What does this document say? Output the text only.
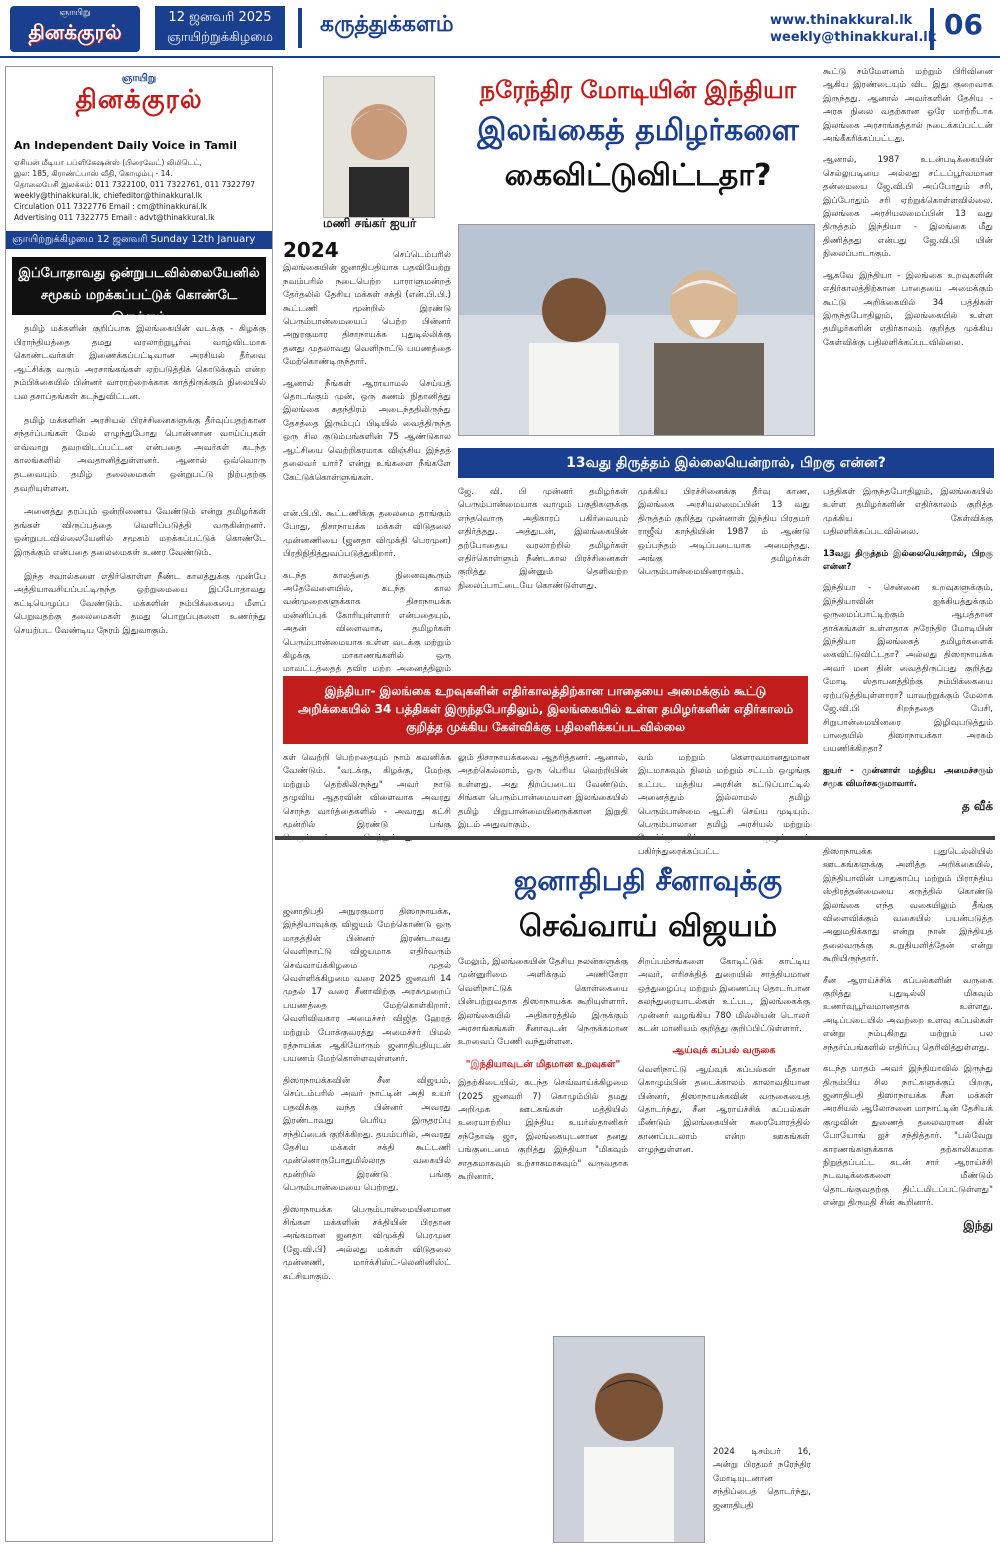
ஞாயிறு
தினக்குரல்
12 ஜனவரி 2025
ஞாயிற்றுக்கிழமை
கருத்துக்களம்	www.thinakkural.lk
weekly@thinakkural.lk 06
ஞாயிறு
தினக்குரல்
An Independent Daily Voice in Tamil
ஏசியன் மீடியா பப்ளிகேஷன்ஸ் (பிரைவேட்) லிமிடெட்,
இல: 185, கிராண்ட்பாஸ் வீதி, கொழும்பு - 14.
தொலைபேசி இலக்கம்: 011 7322100, 011 7322761, 011 7322797
weekly@thinakkural.lk, chiefeditor@thinakkural.lk
Circulation 011 7322776 Email : cm@thinakkural.lk
Advertising 011 7322775 Email : advt@thinakkural.lk
ஞாயிற்றுக்கிழமை 12 ஜனவரி Sunday 12th January
இப்போதாவது ஒன்றுபடவில்லையேனில் சமூகம் மறக்கப்பட்டுக் கொண்டே இருக்கும்

தமிழ் மக்களின் குறிப்பாக இலங்கையின் வடக்கு - கிழக்கு பிராந்தியத்தை தமது வரலாற்றுபூர்வ வாழ்விடமாக கொண்டவர்கள் இணைக்கப்பட்டிவான அரசியல் தீர்வை ஆட்சிக்கு வரும் அரசாங்கங்கள் ஏற்படுத்திக் கொடுக்கும் என்ற நம்பிக்கையில் பின்னர் வாராற்றைக்காக காத்திருக்கும் நிலையில் பல தசாப்தங்கள் கடந்துவிட்டன.

தமிழ் மக்களின் அரசியல் பிரச்சினைகளுக்கு தீர்வுப்பதற்கான சந்தர்ப்பங்கள் மேல் எழுந்துபோது பொன்னான வாய்ப்புகள் எவ்வாறு தவறவிடப்பட்டன என்பதை அவர்கள் கடந்த காலங்களில் அவதானித்துள்ளனர். ஆனால் ஒவ்வொரு தடவையும் தமிழ் தலைமைகள் ஒன்றுபட்டு நிற்பதற்கு தவறியுள்ளன.

அனைத்து தரப்பும் ஒன்றிணைய வேண்டும் என்று தமிழர்கள் தங்கள் விருப்பத்தை வெளிப்படுத்தி வருகின்றனர். ஒன்றுபடவில்லையேனில் சமூகம் மறக்கப்பட்டுக் கொண்டே இருக்கும் என்பதை தலைமைகள் உணர வேண்டும்.

இந்த சவால்களை எதிர்கொள்ள நீண்ட காலத்துக்கு முன்பே அத்தியாவசியப்பட்டிருந்த ஒற்றுமையை இப்போதாவது கட்டியெழுப்ப வேண்டும். மக்களின் நம்பிக்கையை மீளப் பெறுவதற்கு தலைமைகள் தமது பொறுப்புகளை உணர்ந்து செயற்பட வேண்டிய நேரம் இதுவாகும்.

மணி சங்கர் ஐயர்
நரேந்திர மோடியின் இந்தியா
இலங்கைத் தமிழர்களை
கைவிட்டுவிட்டதா?

2024	செப்டெம்பரில் இலங்கையின் ஜனாதிபதியாக பதவியேற்று நவம்பரில் நடைபெற்ற பாராளுமன்றத் தேர்தலில் தேசிய மக்கள் சக்தி (என்.பி.பி.) கூட்டணி மூன்றில் இரண்டு பெரும்பான்மையைப் பெற்ற பின்னர் அநுரகுமார திசாநாயக்க புதுடில்லிக்கு தனது முதலாவது வெளிநாட்டு பயணத்தை மேற்கொண்டிருந்தார்.

ஆனால் நீங்கள் ஆராயாமல் செய்யத் தொடங்கும் முன், ஒரு கணம் நிதானித்து இலங்கை சுதந்திரம் அடைந்ததிலிருந்து தேசத்தை இரும்புப் பிடியில் வைத்திருந்த ஒரு சில குடும்பங்களின் 75 ஆண்டுகால ஆட்சியை வெற்றிகரமாக விஞ்சிய இந்தத் தலைவர் யார்? என்று உங்களை நீங்களே கேட்டுக்கொள்ளுங்கள்.

என்.பி.பி. கூட்டணிக்கு தலைமை தாங்கும் போது, திசாநாயக்க மக்கள் விடுதலை முன்னணியை (ஜனதா விமுக்தி பெரமுன) பிரதிநிதித்துவப்படுத்துகிறார்.

கடந்த காலத்தை நினைவுகூரும் அதேவேளையில், கடந்த கால வன்முறைகளுக்காக திசாநாயக்க மன்னிப்புக் கோரியுள்ளார் என்பதையும், அதன் விளைவாக, தமிழர்கள் பெரும்பான்மையாக உள்ள வடக்கு மற்றும் கிழக்கு மாகாணங்களில் ஒரு மாவட்டத்தைத் தவிர மற்ற அனைத்திலும்

13வது திருத்தம் இல்லையென்றால், பிறகு என்ன?

ஜே. வி. பி முன்னர் தமிழர்கள் பெரும்பான்மையாக வாழும் பகுதிகளுக்கு எந்தவொரு அதிகாரப் பகிர்வையும் எதிர்த்தது. அத்துடன், இலங்கையின் தற்போதைய வரலாற்றில் தமிழர்கள் எதிர்கொள்ளும் நீண்டகால பிரச்சினைகள் குறித்து இன்னும் தெளிவற்ற நிலைப்பாட்டையே கொண்டுள்ளது.

முக்கிய பிரச்சினைக்கு தீர்வு காண, இலங்கை அரசியலமைப்பின் 13 வது திருத்தம் குறித்து முன்னாள் இந்திய பிரதமர் ராஜீவ் காந்தியின் 1987 ம் ஆண்டு ஒப்பந்தம் அடிப்படையாக அமைந்தது. அங்கு தமிழர்கள் பெரும்பான்மையினராகும்.

கூட்டு சம்மேளனம் மற்றும் பிரிவினை ஆகிய இரண்டையும் விட இது குறைவாக இருந்தது. ஆனால் அவர்களின் தேசிய - அரசு நிலை வதற்கான ஒரே மாற்றீடாக இலங்கை அரசாங்கத்தால் நடைக்கப்பட்டன் அங்கீகரிக்கப்பட்டது.

ஆனால், 1987 உடன்படிக்கையின் செல்லுபடியை அல்லது சட்டப்பூர்வமான தன்மையை ஜே.வி.பி அப்போதும் சரி, இப்போதும் சரி ஏற்றுக்கொள்ளவில்லை. இலங்கை அரசியலமைப்பின் 13 வது திருத்தம் இந்தியா - இலங்கை மீது திணித்தது என்பது ஜே.வி.பி யின் நிலைப்பாடாகும்.

ஆகவே இந்தியா - இலங்கை உறவுகளின் எதிர்காலத்திற்கான பாதையை அமைக்கும் கூட்டு அறிக்கையில் 34 பத்திகள் இருந்தபோதிலும், இலங்கையில் உள்ள தமிழர்களின் எதிர்காலம் குறித்த முக்கிய கேள்விக்கு பதிலளிக்கப்படவில்லை.

பத்திகள் இருந்தபோதிலும், இலங்கையில் உள்ள தமிழர்களின் எதிர்காலம் குறித்த முக்கிய கேள்விக்கு பதிலளிக்கப்படவில்லை.

13வது திருத்தம் இல்லையென்றால், பிறகு என்ன?

இந்தியா - சென்னை உறவுகளுக்கும், இந்தியாவின் ஐக்கியத்துக்கும் ஒருமைப்பாட்டிற்கும் ஆபத்தான தாக்கங்கள் உள்ளதாக நரேந்திர மோடியின் இந்தியா இலங்கைத் தமிழர்களைக் கைவிட்டுவிட்டதா? அல்லது திஸாநாயக்க அவர் மன தின் வைத்திருப்பது குறித்து மோடி ஸ்தாபனத்திற்கு நம்பிக்கையை ஏற்படுத்தியுள்ளாரா? யாவற்றுக்கும் மேலாக ஜே.வி.பி சிறந்ததை பேசி, சிறுபான்மையினரை இழிவுபடுத்தும் பாதையில் திஸாநாயக்கா அரசும் பயணிக்கிறதா?

ஐயர் - முன்னாள் மத்திய அமைச்சரும் சமூக விமர்சகருமாவார்.

த வீக்

இந்தியா- இலங்கை உறவுகளின் எதிர்காலத்திற்கான பாதையை அமைக்கும் கூட்டு அறிக்கையில் 34 பத்திகள் இருந்தபோதிலும், இலங்கையில் உள்ள தமிழர்களின் எதிர்காலம் குறித்த முக்கிய கேள்விக்கு பதிலளிக்கப்படவில்லை

கள் வெற்றி பெற்றதையும் நாம் கவனிக்க வேண்டும். "வடக்கு, கிழக்கு, மேற்கு மற்றும் தெற்கிலிருந்து" அவர் நாடு தழுவிய ஆதரவின் விளைவாக அவரது சொந்த வார்த்தைகளில் - அவரது கட்சி மூன்றில் இரண்டு பங்கு

லும் திசாநாயக்கவை ஆதரித்தனர். ஆனால், அதற்கெல்லாம், ஒரு பெரிய வெற்றியின் உள்ளது. அது திறப்படைய வேண்டும். சிங்கள பெரும்பான்மையான இலங்கையில் தமிழ் பிறுபான்மையினருக்கான இறுதி இடம் அதுவாகும்.

வம் மற்றும் கௌரவமானதுமான இடமாகவும் நிலம் மற்றும் சட்டம் ஒழுங்கு உட்பட மத்திய அரசின் கட்டுப்பாட்டில் அனைத்தும் இல்லாமல் தமிழ் பெரும்பான்மை ஆட்சி செய்ய முடியும். பெரும்பாலான தமிழ் அரசியல் மற்றும் பகிர்ந்துரைக்கப்பட்ட

ஜனாதிபதி சீனாவுக்கு
செவ்வாய் விஜயம்

ஜனாதிபதி அநுரகுமார திஸாநாயக்க, இந்தியாவுக்கு விஜயம் மேற்கொண்டு ஒரு மாதத்தின் பின்னர் இரண்டாவது வெளிநாட்டு விஜயமாக எதிர்வரும் செவ்வாய்க்கிழமை முதல் வெள்ளிக்கிழமை வரை 2025 ஜனவரி 14 முதல் 17 வரை சீனாவிற்கு அரசுமுறைப் பயணத்தை மேற்கொள்கிறார். வெளிவிவகார அமைச்சர் விஜித ஹேரத் மற்றும் போக்குவரத்து அமைச்சர் பிமல் ரத்நாயக்க ஆகியோரும் ஜனாதிபதியுடன் பயணம் மேற்கொள்ளவுள்ளனர்.

திஸாநாயக்கவின் சீன விஜயம், செப்டம்பரில் அவர் நாட்டின் அதி உயர் பதவிக்கு வந்த பின்னர் அவரது இரண்டாவது பெரிய இருதரப்பு சந்திப்பைக் குறிக்கிறது. தயம்பரில், அவரது தேசிய மக்கள் சக்தி கூட்டணி முன்னொருபோதுமில்லாத வகையில் மூன்றில் இரண்டு பங்கு பெரும்பான்மையை பெற்றது.

திஸாநாயக்க பெரும்பான்மையினமான சிங்கள மக்களின் சக்தியின் பிரதான அங்கமான ஜனதா விமுக்தி பெரமுன (ஜே.வி.பி) அல்லது மக்கள் விடுதலை முன்னணி, மார்க்சிஸ்ட்-லெனினிஸ்ட் கட்சியாகும்.

மேலும், இலங்கையின் தேசிய நலன்களுக்கு முன்னுரிமை அளிக்கும் அணிசேரா வெளிநாட்டுக் கொள்கையை பின்பற்றுவதாக திஸாநாயக்க கூறியுள்ளார். இலங்கையில் அதிகாரத்தில் இருக்கும் அரசாங்கங்கள் சீனாவுடன் நெருக்கமான உறவைப் பேணி வந்துள்ளன.

"இந்தியாவுடன் மிதமான உறவுகள்"

இதற்கிடையில், கடந்த செவ்வாய்க்கிழமை (2025 ஜனவரி 7) கொழும்பில் தமது அறிமுக ஊடகங்கள் மத்தியில் உரையாற்றிய இந்திய உயர்ஸ்தானிகர் சந்தோஷ் ஜா, இலங்கையுடனான தனது பங்குடைமை குறித்து இந்தியா "மிகவும் சாதகமாகவும் உற்சாகமாகவும்" வருவதாக கூறினார்.

சிறப்பம்சங்களை கோடிட்டுக் காட்டிய அவர், எரிசக்தித் துறையில் சாத்தியமான ஒத்துழைப்பு மற்றும் இணைப்பு தொடர்பான கலந்துரையாடல்கள் உட்பட, இலங்கைக்கு முன்னர் வழங்கிய 780 மில்லியன் டொலர் கடன் மானியம் குறித்து குறிப்பிட்டுள்ளார்.

ஆய்வுக் கப்பல் வருகை

வெளிநாட்டு ஆய்வுக் கப்பல்கள் மீதான கொழும்பின் தடைக்காலம் காலாவதியான பின்னர், திஸாநாயக்கவின் வருகையைத் தொடர்ந்து, சீன ஆராய்ச்சிக் கப்பல்கள் மீண்டும் இலங்கையின் கரையோரத்தில் காணப்படலாம் என்ற ஊகங்கள் எழுந்துள்ளன.

2024 டிசம்பர் 16, அன்று பிரதமர் நரேந்திர மோடியுடனான சந்திப்பைத் தொடர்ந்து, ஜனாதிபதி

திஸாநாயக்க புதுடெல்லியில் ஊடகங்களுக்கு அளித்த அறிக்கையில், இந்தியாவின் பாதுகாப்பு மற்றும் பிராந்திய ஸ்திரத்தன்மையை கருத்தில் கொண்டு இலங்கை எந்த வகையிலும் தீங்கு விளைவிக்கும் வகையில் பயன்படுத்த அனுமதிக்காது என்று நான் இந்தியத் தலைவருக்கு உறுதியளித்தேன் என்று கூறியிருந்தார்.

சீன ஆராய்ச்சிக் கப்பல்களின் வருகை குறித்து புதுடில்லி மிகவும் உணர்வுபூர்வமானதாக உள்ளது. அடிப்படையில் அவற்றை உளவு கப்பல்கள் என்று நம்புகிறது மற்றும் பல சந்தர்ப்பங்களில் எதிர்ப்பு தெரிவித்துள்ளது.

கடந்த மாதம் அவர் இந்தியாவில் இருந்து திரும்பிய சில நாட்களுக்குப் பிறகு, ஜனாதிபதி திஸாநாயக்க சீன மக்கள் அரசியல் ஆலோசனை மாநாட்டின் தேசியக் குழுவின் துணைத் தலைவரான கின் போயோங் ஐச் சந்தித்தார். "பல்வேறு காரணங்களுக்காக தற்காலிகமாக நிறுத்தப்பட்ட கடன் சார் ஆராய்ச்சி நடவடிக்கைகளை மீண்டும் தொடங்குவதற்கு திட்டமிடப்பட்டுள்ளது" என்று திருமதி சின் கூறினார்.

இந்து
